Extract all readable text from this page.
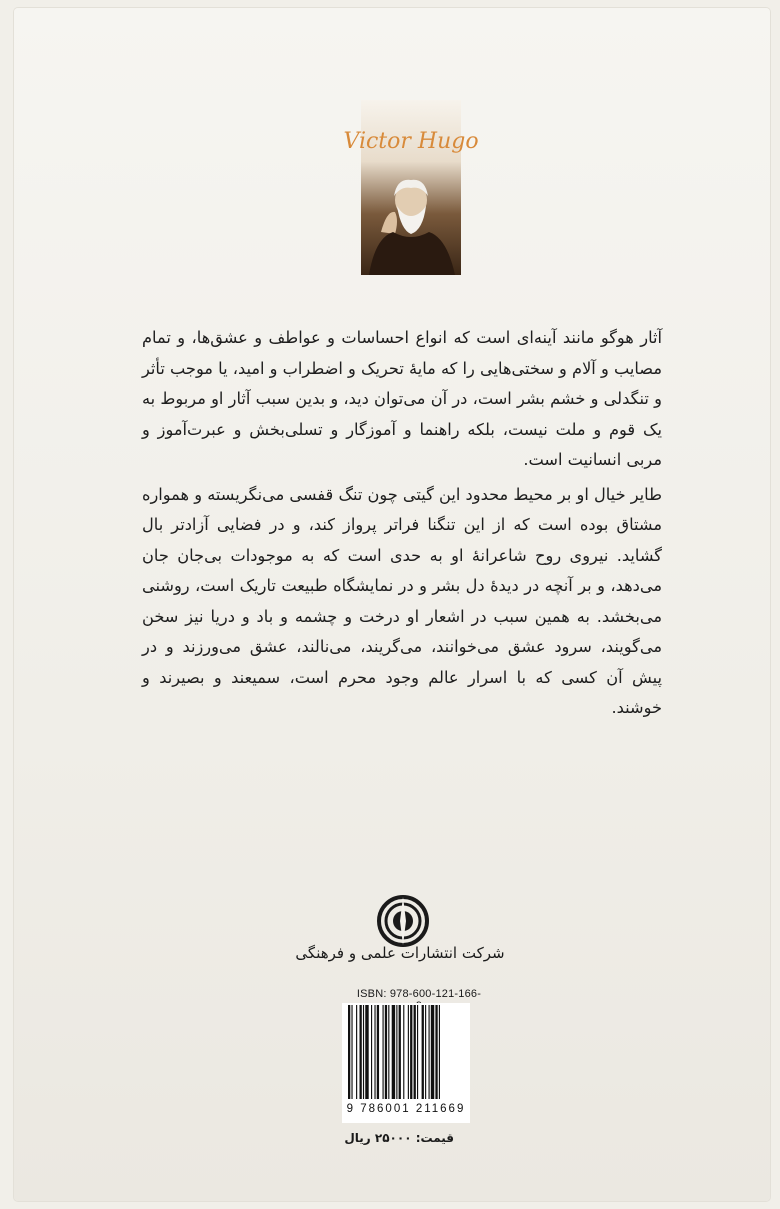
Victor Hugo

آثار هوگو مانند آینه‌ای است که انواع احساسات و عواطف و عشق‌ها، و تمام مصایب و آلام و سختی‌هایی را که مایهٔ تحریک و اضطراب و امید، یا موجب تأثر و تنگدلی و خشم بشر است، در آن می‌توان دید، و بدین سبب آثار او مربوط به یک قوم و ملت نیست، بلکه راهنما و آموزگار و تسلی‌بخش و عبرت‌آموز و مربی انسانیت است.

طایر خیال او بر محیط محدود این گیتی چون تنگ قفسی می‌نگریسته و همواره مشتاق بوده است که از این تنگنا فراتر پرواز کند، و در فضایی آزادتر بال گشاید. نیروی روح شاعرانهٔ او به حدی است که به موجودات بی‌جان جان می‌دهد، و بر آنچه در دیدهٔ دل بشر و در نمایشگاه طبیعت تاریک است، روشنی می‌بخشد. به همین سبب در اشعار او درخت و چشمه و باد و دریا نیز سخن می‌گویند، سرود عشق می‌خوانند، می‌گریند، می‌نالند، عشق می‌ورزند و در پیش آن کسی که با اسرار عالم وجود محرم است، سمیعند و بصیرند و خوشند.

شرکت انتشارات علمی و فرهنگی
ISBN: 978-600-121-166-
9 786001 211669
قیمت: ۲۵۰۰۰ ریال
